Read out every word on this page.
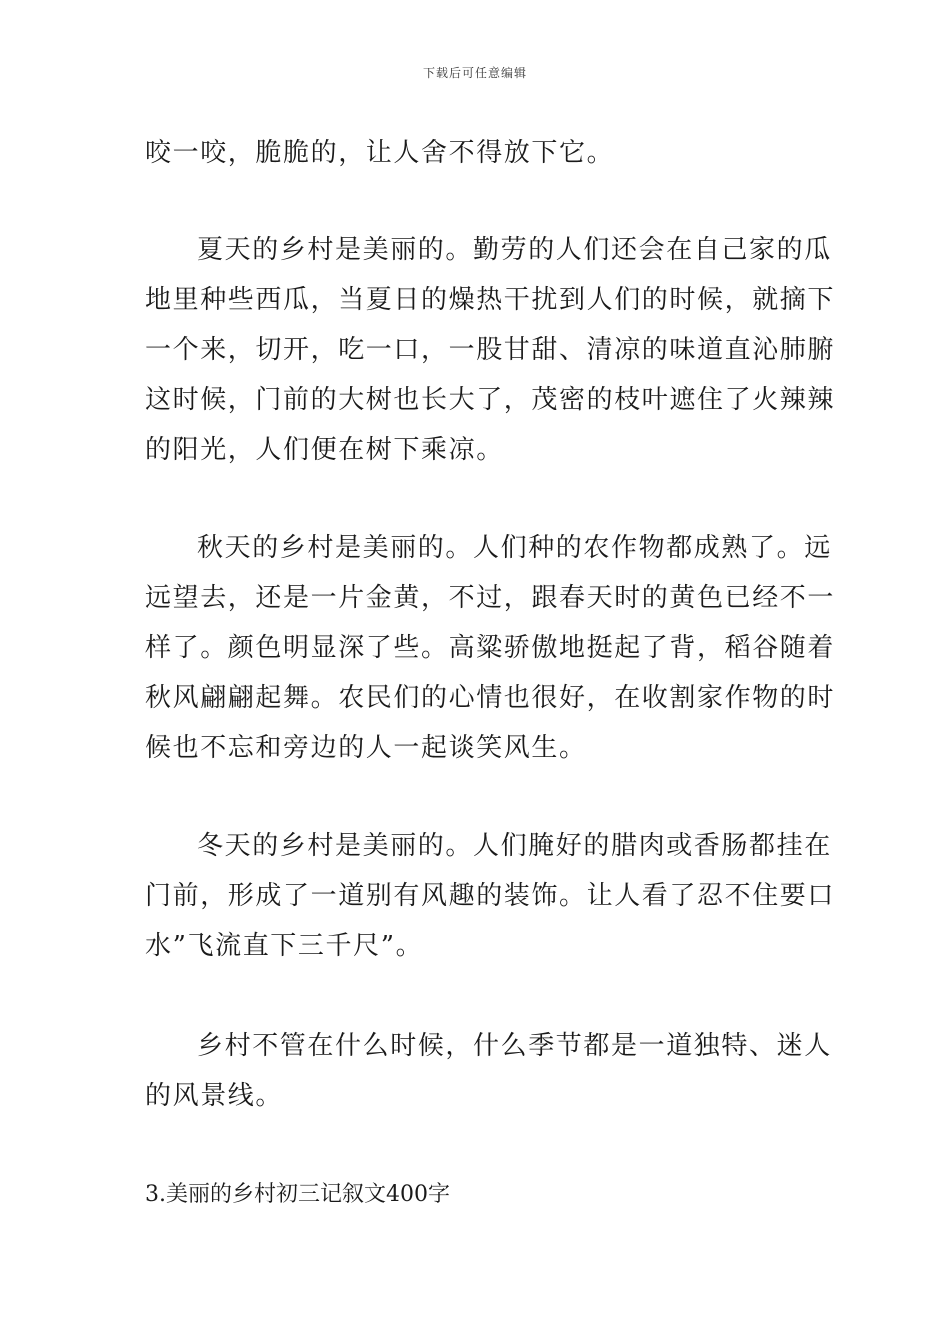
下载后可任意编辑
咬一咬，脆脆的，让人舍不得放下它。
夏天的乡村是美丽的。勤劳的人们还会在自己家的瓜
地里种些西瓜，当夏日的燥热干扰到人们的时候，就摘下
一个来，切开，吃一口，一股甘甜、清凉的味道直沁肺腑
这时候，门前的大树也长大了，茂密的枝叶遮住了火辣辣
的阳光，人们便在树下乘凉。
秋天的乡村是美丽的。人们种的农作物都成熟了。远
远望去，还是一片金黄，不过，跟春天时的黄色已经不一
样了。颜色明显深了些。高粱骄傲地挺起了背，稻谷随着
秋风翩翩起舞。农民们的心情也很好，在收割家作物的时
候也不忘和旁边的人一起谈笑风生。
冬天的乡村是美丽的。人们腌好的腊肉或香肠都挂在
门前，形成了一道别有风趣的装饰。让人看了忍不住要口
水”飞流直下三千尺”。
乡村不管在什么时候，什么季节都是一道独特、迷人
的风景线。
3.美丽的乡村初三记叙文400字
